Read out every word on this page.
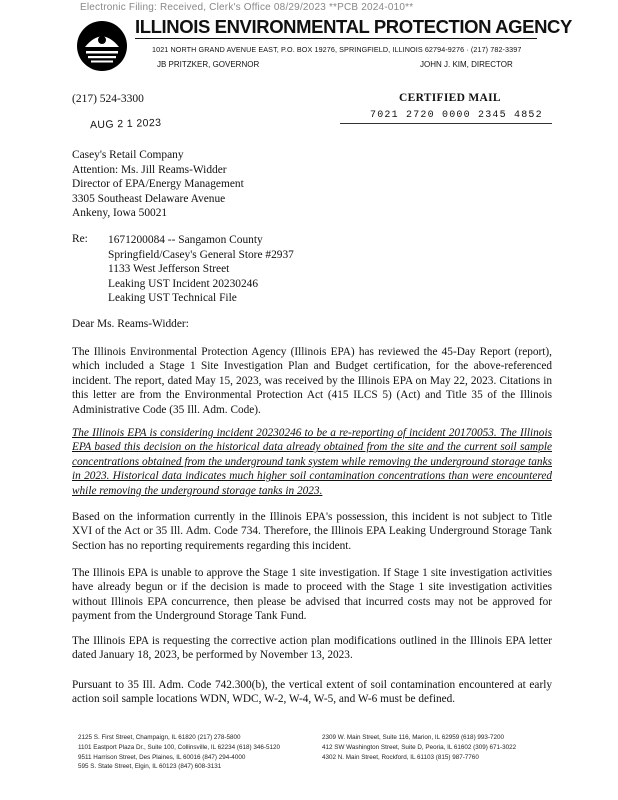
Electronic Filing: Received, Clerk's Office 08/29/2023 **PCB 2024-010**
ILLINOIS ENVIRONMENTAL PROTECTION AGENCY
1021 NORTH GRAND AVENUE EAST, P.O. BOX 19276, SPRINGFIELD, ILLINOIS 62794-9276 · (217) 782-3397
JB PRITZKER, GOVERNOR	JOHN J. KIM, DIRECTOR
(217) 524-3300	CERTIFIED MAIL
7021 2720 0000 2345 4852
AUG 2 1 2023
Casey's Retail Company
Attention: Ms. Jill Reams-Widder
Director of EPA/Energy Management
3305 Southeast Delaware Avenue
Ankeny, Iowa 50021
Re: 1671200084 -- Sangamon County
Springfield/Casey's General Store #2937
1133 West Jefferson Street
Leaking UST Incident 20230246
Leaking UST Technical File
Dear Ms. Reams-Widder:
The Illinois Environmental Protection Agency (Illinois EPA) has reviewed the 45-Day Report (report), which included a Stage 1 Site Investigation Plan and Budget certification, for the above-referenced incident. The report, dated May 15, 2023, was received by the Illinois EPA on May 22, 2023. Citations in this letter are from the Environmental Protection Act (415 ILCS 5) (Act) and Title 35 of the Illinois Administrative Code (35 Ill. Adm. Code).
The Illinois EPA is considering incident 20230246 to be a re-reporting of incident 20170053. The Illinois EPA based this decision on the historical data already obtained from the site and the current soil sample concentrations obtained from the underground tank system while removing the underground storage tanks in 2023. Historical data indicates much higher soil contamination concentrations than were encountered while removing the underground storage tanks in 2023.
Based on the information currently in the Illinois EPA's possession, this incident is not subject to Title XVI of the Act or 35 Ill. Adm. Code 734. Therefore, the Illinois EPA Leaking Underground Storage Tank Section has no reporting requirements regarding this incident.
The Illinois EPA is unable to approve the Stage 1 site investigation. If Stage 1 site investigation activities have already begun or if the decision is made to proceed with the Stage 1 site investigation activities without Illinois EPA concurrence, then please be advised that incurred costs may not be approved for payment from the Underground Storage Tank Fund.
The Illinois EPA is requesting the corrective action plan modifications outlined in the Illinois EPA letter dated January 18, 2023, be performed by November 13, 2023.
Pursuant to 35 Ill. Adm. Code 742.300(b), the vertical extent of soil contamination encountered at early action soil sample locations WDN, WDC, W-2, W-4, W-5, and W-6 must be defined.
2125 S. First Street, Champaign, IL 61820 (217) 278-5800
1101 Eastport Plaza Dr., Suite 100, Collinsville, IL 62234 (618) 346-5120
9511 Harrison Street, Des Plaines, IL 60016 (847) 294-4000
595 S. State Street, Elgin, IL 60123 (847) 608-3131
2309 W. Main Street, Suite 116, Marion, IL 62959 (618) 993-7200
412 SW Washington Street, Suite D, Peoria, IL 61602 (309) 671-3022
4302 N. Main Street, Rockford, IL 61103 (815) 987-7760
